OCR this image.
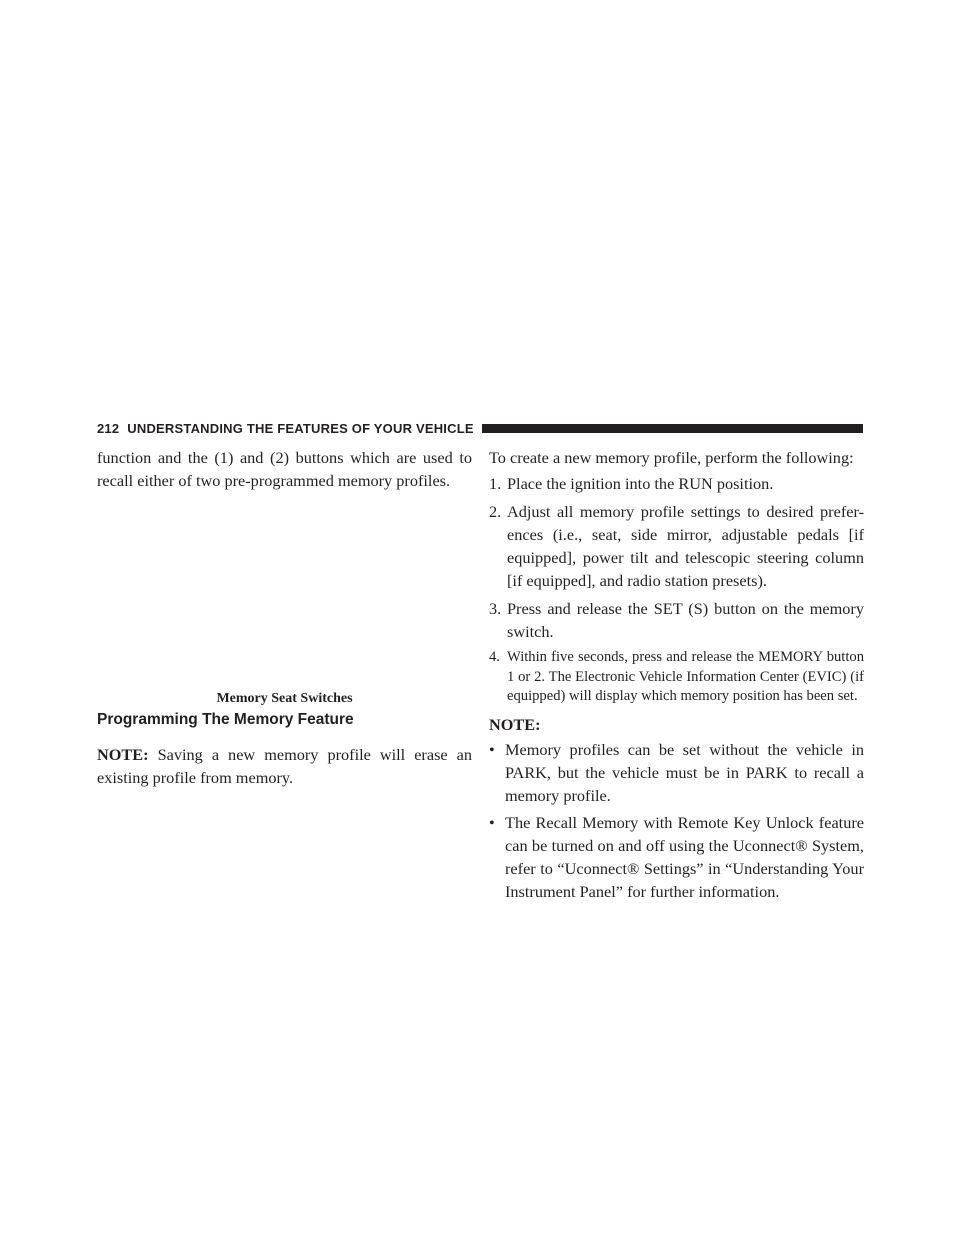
212 UNDERSTANDING THE FEATURES OF YOUR VEHICLE

function and the (1) and (2) buttons which are used to recall either of two pre-programmed memory profiles.

Memory Seat Switches
Programming The Memory Feature

NOTE: Saving a new memory profile will erase an existing profile from memory.

To create a new memory profile, perform the following:

1. Place the ignition into the RUN position.
2. Adjust all memory profile settings to desired prefer- ences (i.e., seat, side mirror, adjustable pedals [if equipped], power tilt and telescopic steering column [if equipped], and radio station presets).
3. Press and release the SET (S) button on the memory switch.
4. Within five seconds, press and release the MEMORY button 1 or 2. The Electronic Vehicle Information Center (EVIC) (if equipped) will display which memory position has been set.
NOTE:
• Memory profiles can be set without the vehicle in PARK, but the vehicle must be in PARK to recall a memory profile.
• The Recall Memory with Remote Key Unlock feature can be turned on and off using the Uconnect® System, refer to “Uconnect® Settings” in “Understanding Your Instrument Panel” for further information.
